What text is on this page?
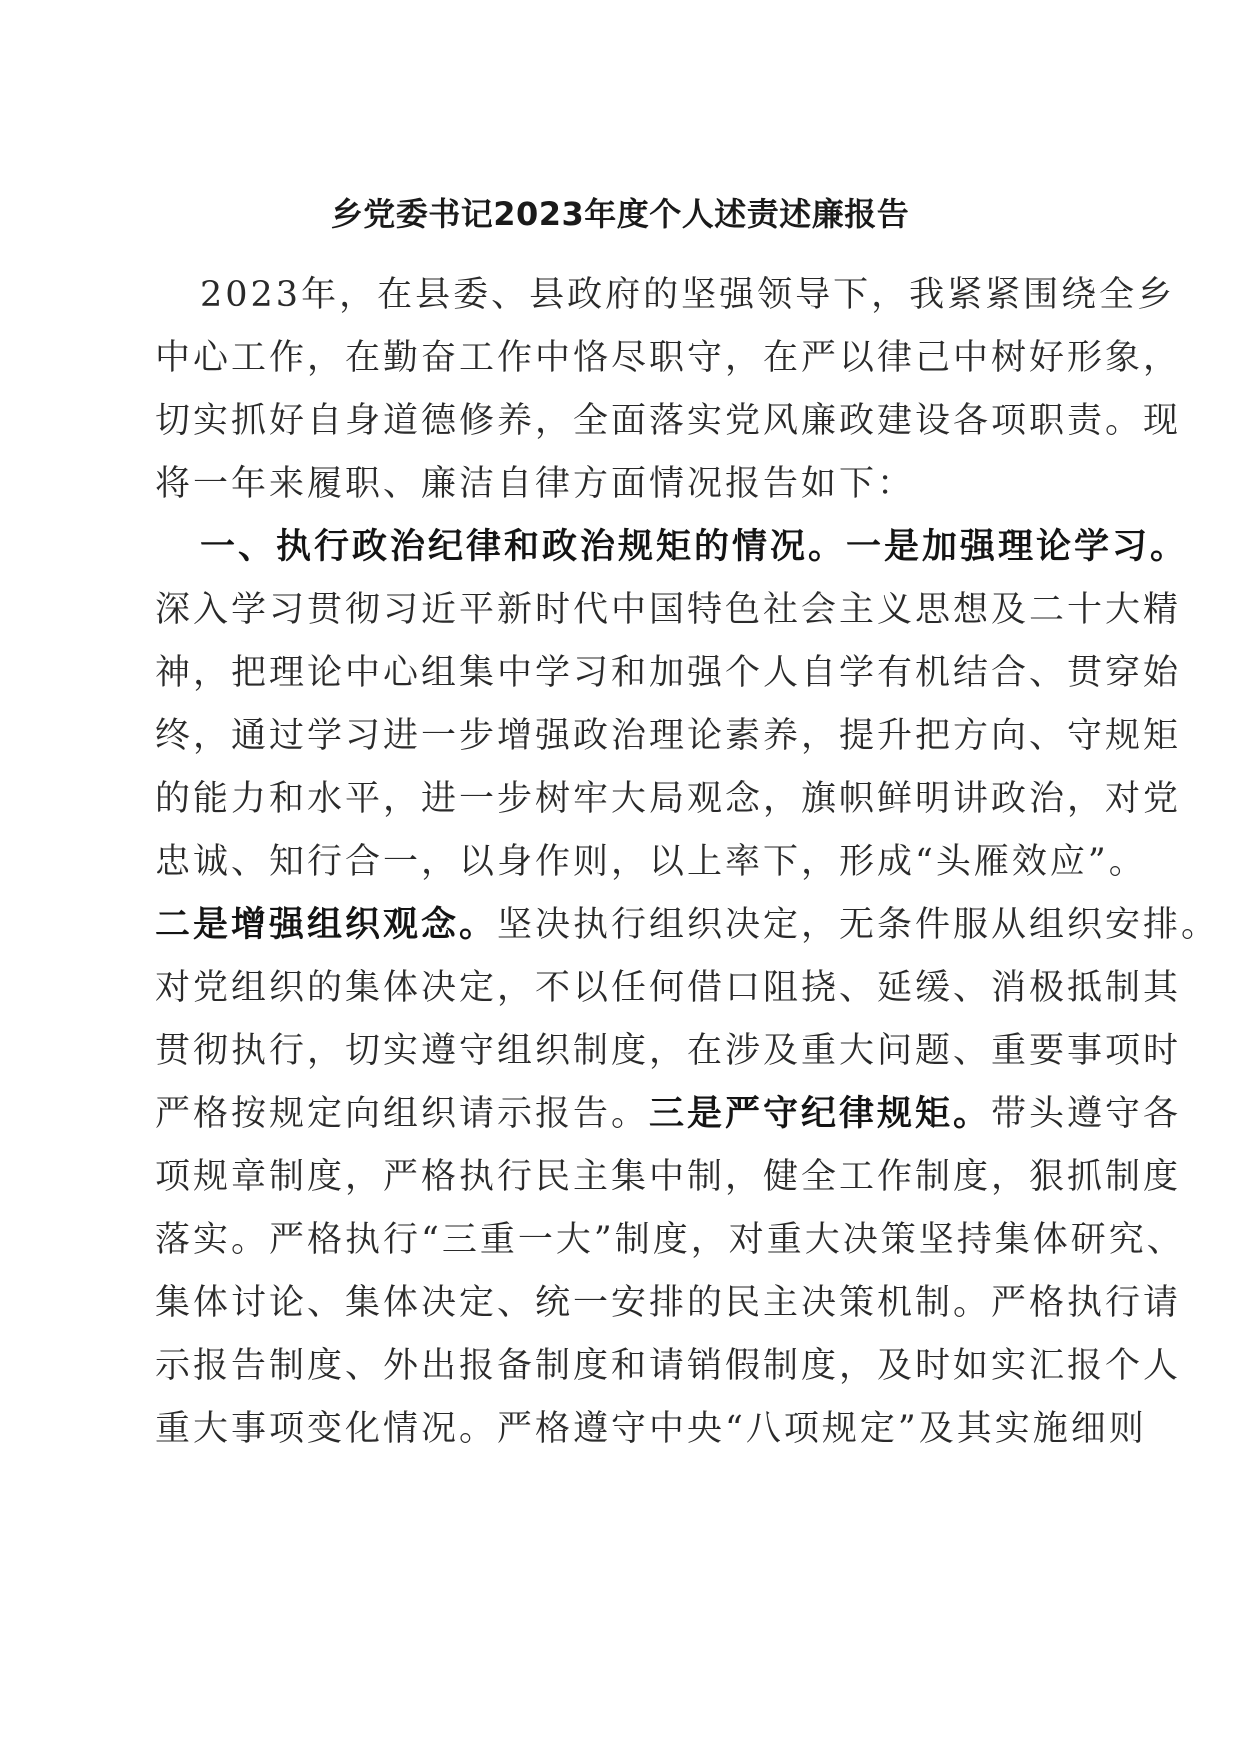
乡党委书记2023年度个人述责述廉报告
2023年，在县委、县政府的坚强领导下，我紧紧围绕全乡
中心工作，在勤奋工作中恪尽职守，在严以律己中树好形象，
切实抓好自身道德修养，全面落实党风廉政建设各项职责。现
将一年来履职、廉洁自律方面情况报告如下：
一、执行政治纪律和政治规矩的情况。一是加强理论学习。
深入学习贯彻习近平新时代中国特色社会主义思想及二十大精
神，把理论中心组集中学习和加强个人自学有机结合、贯穿始
终，通过学习进一步增强政治理论素养，提升把方向、守规矩
的能力和水平，进一步树牢大局观念，旗帜鲜明讲政治，对党
忠诚、知行合一，以身作则，以上率下，形成“头雁效应”。
二是增强组织观念。坚决执行组织决定，无条件服从组织安排。
对党组织的集体决定，不以任何借口阻挠、延缓、消极抵制其
贯彻执行，切实遵守组织制度，在涉及重大问题、重要事项时
严格按规定向组织请示报告。三是严守纪律规矩。带头遵守各
项规章制度，严格执行民主集中制，健全工作制度，狠抓制度
落实。严格执行“三重一大”制度，对重大决策坚持集体研究、
集体讨论、集体决定、统一安排的民主决策机制。严格执行请
示报告制度、外出报备制度和请销假制度，及时如实汇报个人
重大事项变化情况。严格遵守中央“八项规定”及其实施细则
